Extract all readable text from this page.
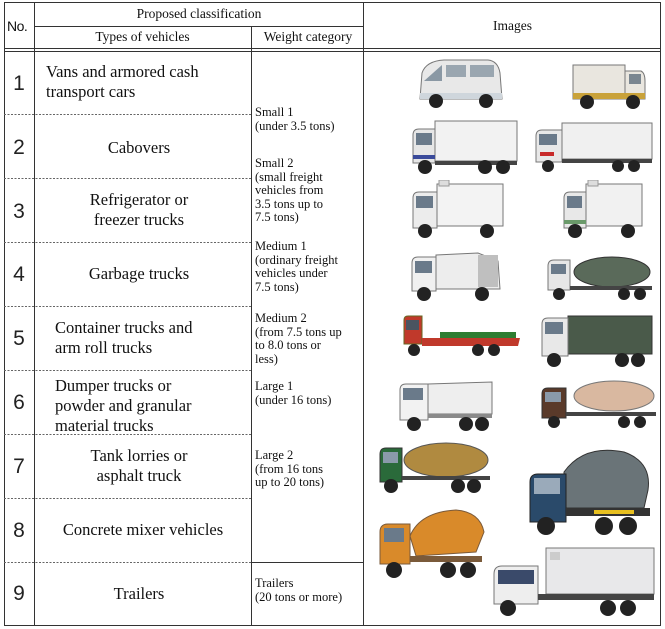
No.
Proposed classification
Types of vehicles	Weight category
Images
1
2
3
4
5
6
7
8
9
Vans and armored cash
transport cars
Cabovers
Refrigerator or
freezer trucks
Garbage trucks
Container trucks and
arm roll trucks
Dumper trucks or
powder and granular
material trucks
Tank lorries or
asphalt truck
Concrete mixer vehicles
Trailers
Small 1
(under 3.5 tons)
Small 2
(small freight
vehicles from
3.5 tons up to
7.5 tons)
Medium 1
(ordinary freight
vehicles under
7.5 tons)
Medium 2
(from 7.5 tons up
to 8.0 tons or
less)
Large 1
(under 16 tons)
Large 2
(from 16 tons
up to 20 tons)
Trailers
(20 tons or more)
